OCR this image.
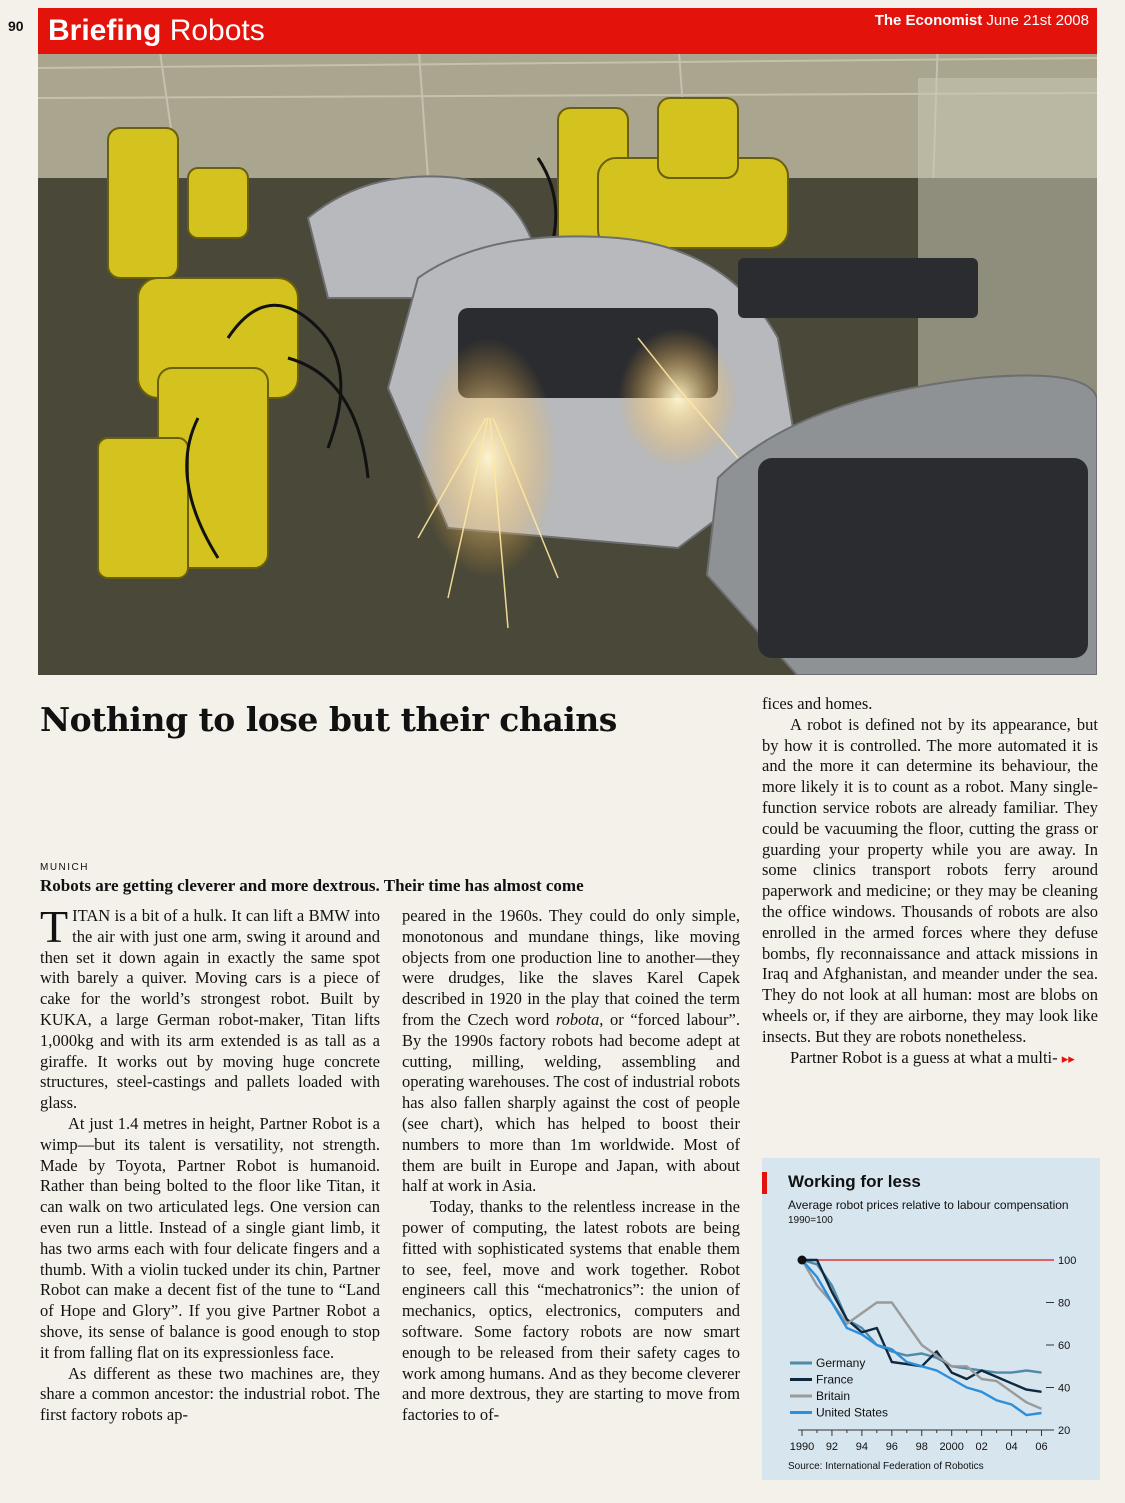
90 Briefing Robots	The Economist June 21st 2008
Nothing to lose but their chains
MUNICH
Robots are getting cleverer and more dextrous. Their time has almost come

TITAN is a bit of a hulk. It can lift a BMW into the air with just one arm, swing it around and then set it down again in exactly the same spot with barely a quiver. Moving cars is a piece of cake for the world’s strongest robot. Built by KUKA, a large German robot-maker, Titan lifts 1,000kg and with its arm extended is as tall as a giraffe. It works out by moving huge concrete structures, steel-castings and pallets loaded with glass.

At just 1.4 metres in height, Partner Robot is a wimp—but its talent is versatility, not strength. Made by Toyota, Partner Robot is humanoid. Rather than being bolted to the floor like Titan, it can walk on two articulated legs. One version can even run a little. Instead of a single giant limb, it has two arms each with four delicate fingers and a thumb. With a violin tucked under its chin, Partner Robot can make a decent fist of the tune to “Land of Hope and Glory”. If you give Partner Robot a shove, its sense of balance is good enough to stop it from falling flat on its expressionless face.

As different as these two machines are, they share a common ancestor: the industrial robot. The first factory robots ap-

peared in the 1960s. They could do only simple, monotonous and mundane things, like moving objects from one production line to another—they were drudges, like the slaves Karel Capek described in 1920 in the play that coined the term from the Czech word robota, or “forced labour”. By the 1990s factory robots had become adept at cutting, milling, welding, assembling and operating warehouses. The cost of industrial robots has also fallen sharply against the cost of people (see chart), which has helped to boost their numbers to more than 1m worldwide. Most of them are built in Europe and Japan, with about half at work in Asia.

Today, thanks to the relentless increase in the power of computing, the latest robots are being fitted with sophisticated systems that enable them to see, feel, move and work together. Robot engineers call this “mechatronics”: the union of mechanics, optics, electronics, computers and software. Some factory robots are now smart enough to be released from their safety cages to work among humans. And as they become cleverer and more dextrous, they are starting to move from factories to of-

fices and homes.

A robot is defined not by its appearance, but by how it is controlled. The more automated it is and the more it can determine its behaviour, the more likely it is to count as a robot. Many single-function service robots are already familiar. They could be vacuuming the floor, cutting the grass or guarding your property while you are away. In some clinics transport robots ferry around paperwork and medicine; or they may be cleaning the office windows. Thousands of robots are also enrolled in the armed forces where they defuse bombs, fly reconnaissance and attack missions in Iraq and Afghanistan, and meander under the sea. They do not look at all human: most are blobs on wheels or, if they are airborne, they may look like insects. But they are robots nonetheless.

Partner Robot is a guess at what a multi- ▸▸

Working for less
Average robot prices relative to labour compensation
1990=100
20
40
60
80
100
1990 92 94 96 98 2000 02 04 06
Germany
France
Britain
United States
Source: International Federation of Robotics
